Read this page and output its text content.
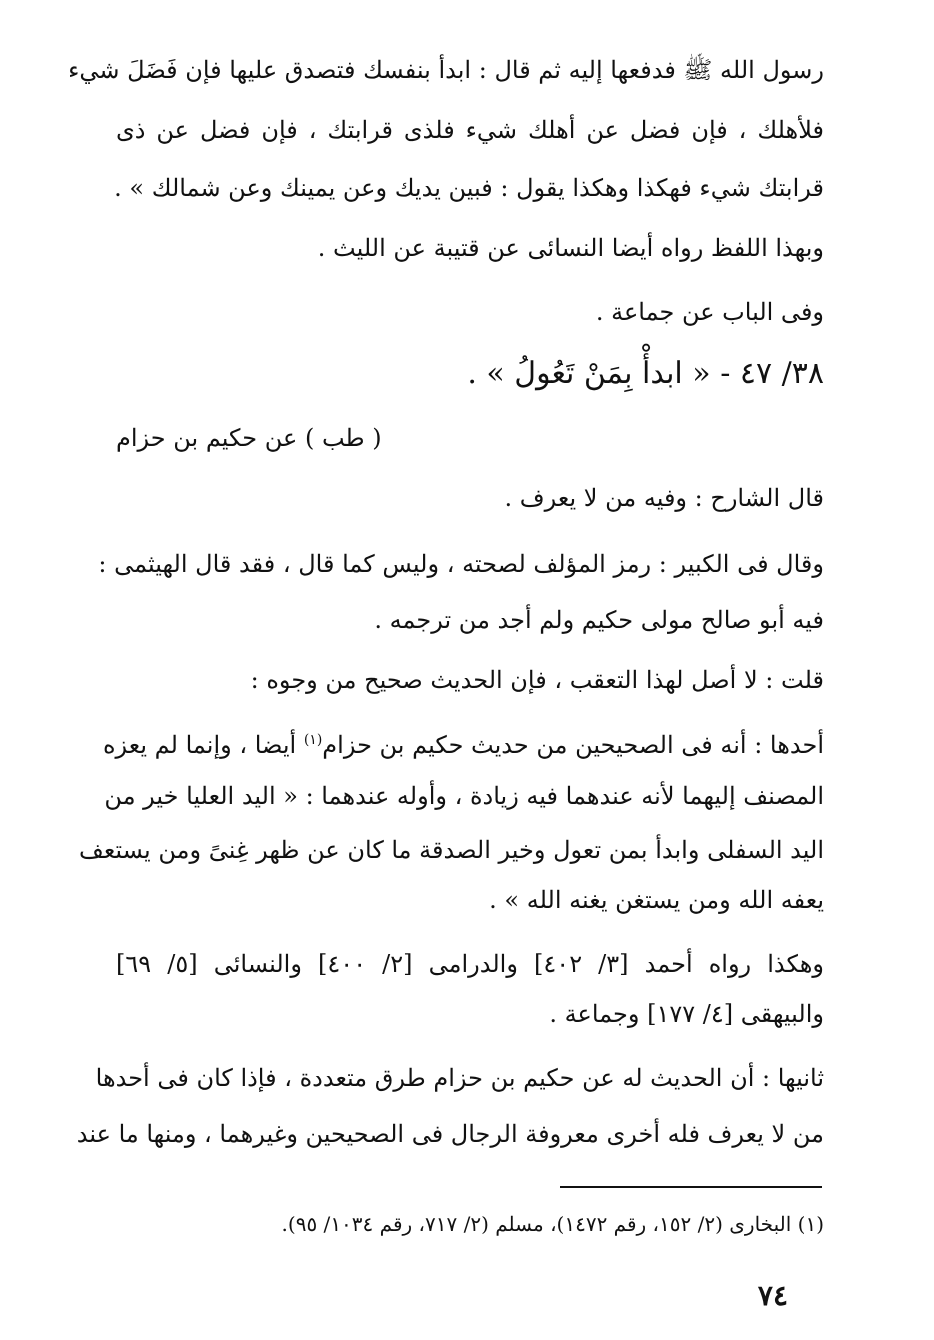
رسول الله ﷺ فدفعها إليه ثم قال : ابدأ بنفسك فتصدق عليها فإن فَضَلَ شيء
فلأهلك ، فإن فضل عن أهلك شيء فلذى قرابتك ، فإن فضل عن ذى
قرابتك شيء فهكذا وهكذا يقول : فبين يديك وعن يمينك وعن شمالك » .
وبهذا اللفظ رواه أيضا النسائى عن قتيبة عن الليث .
وفى الباب عن جماعة .
٣٨/ ٤٧ - « ابدأْ بِمَنْ تَعُولُ » .
( طب ) عن حكيم بن حزام
قال الشارح : وفيه من لا يعرف .
وقال فى الكبير : رمز المؤلف لصحته ، وليس كما قال ، فقد قال الهيثمى :
فيه أبو صالح مولى حكيم ولم أجد من ترجمه .
قلت : لا أصل لهذا التعقب ، فإن الحديث صحيح من وجوه :
أحدها : أنه فى الصحيحين من حديث حكيم بن حزام$^{(١)}$ أيضا ، وإنما لم يعزه
المصنف إليهما لأنه عندهما فيه زيادة ، وأوله عندهما : « اليد العليا خير من
اليد السفلى وابدأ بمن تعول وخير الصدقة ما كان عن ظهر غِنىً ومن يستعف
يعفه الله ومن يستغن يغنه الله » .
وهكذا رواه أحمد [٣/ ٤٠٢] والدرامى [٢/ ٤٠٠] والنسائى [٥/ ٦٩]
والبيهقى [٤/ ١٧٧] وجماعة .
ثانيها : أن الحديث له عن حكيم بن حزام طرق متعددة ، فإذا كان فى أحدها
من لا يعرف فله أخرى معروفة الرجال فى الصحيحين وغيرهما ، ومنها ما عند
(١) البخارى (٢/ ١٥٢، رقم ١٤٧٢)، مسلم (٢/ ٧١٧، رقم ١٠٣٤/ ٩٥).
٧٤
